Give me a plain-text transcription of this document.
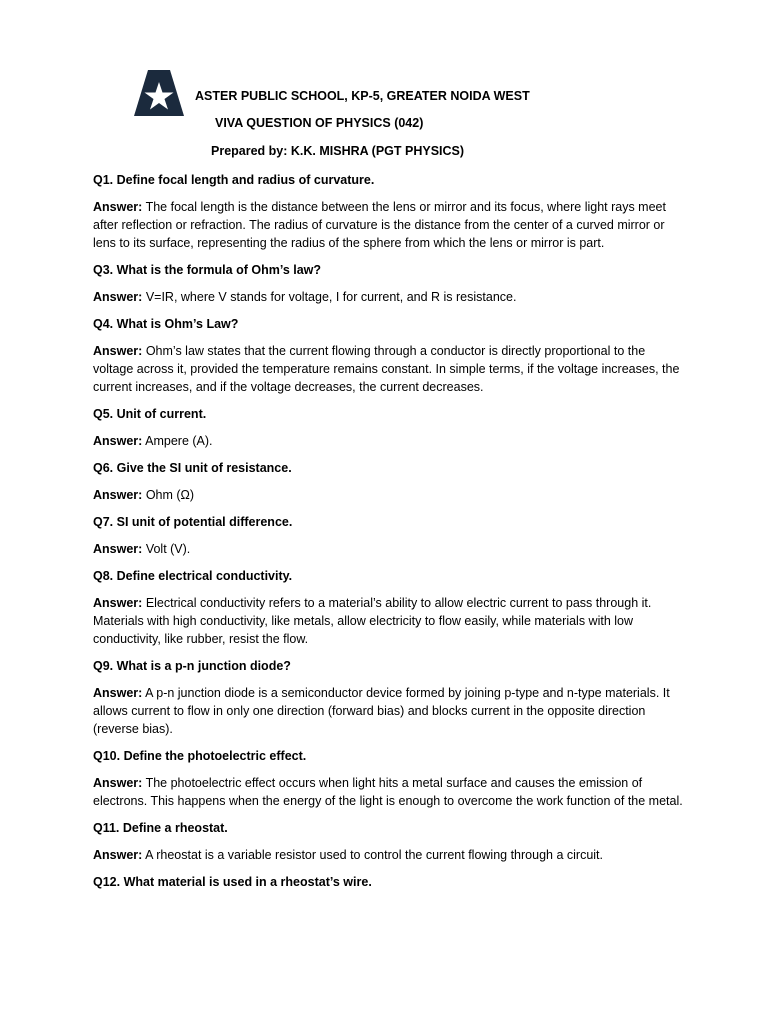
ASTER PUBLIC SCHOOL, KP-5, GREATER NOIDA WEST
VIVA QUESTION OF PHYSICS (042)
Prepared by: K.K. MISHRA (PGT PHYSICS)
Q1. Define focal length and radius of curvature.
Answer: The focal length is the distance between the lens or mirror and its focus, where light rays meet after reflection or refraction. The radius of curvature is the distance from the center of a curved mirror or lens to its surface, representing the radius of the sphere from which the lens or mirror is part.
Q3. What is the formula of Ohm’s law?
Answer: V=IR, where V stands for voltage, I for current, and R is resistance.
Q4. What is Ohm’s Law?
Answer: Ohm’s law states that the current flowing through a conductor is directly proportional to the voltage across it, provided the temperature remains constant. In simple terms, if the voltage increases, the current increases, and if the voltage decreases, the current decreases.
Q5. Unit of current.
Answer: Ampere (A).
Q6. Give the SI unit of resistance.
Answer: Ohm (Ω)
Q7. SI unit of potential difference.
Answer: Volt (V).
Q8. Define electrical conductivity.
Answer: Electrical conductivity refers to a material’s ability to allow electric current to pass through it. Materials with high conductivity, like metals, allow electricity to flow easily, while materials with low conductivity, like rubber, resist the flow.
Q9. What is a p-n junction diode?
Answer: A p-n junction diode is a semiconductor device formed by joining p-type and n-type materials. It allows current to flow in only one direction (forward bias) and blocks current in the opposite direction (reverse bias).
Q10. Define the photoelectric effect.
Answer: The photoelectric effect occurs when light hits a metal surface and causes the emission of electrons. This happens when the energy of the light is enough to overcome the work function of the metal.
Q11. Define a rheostat.
Answer: A rheostat is a variable resistor used to control the current flowing through a circuit.
Q12. What material is used in a rheostat’s wire.
